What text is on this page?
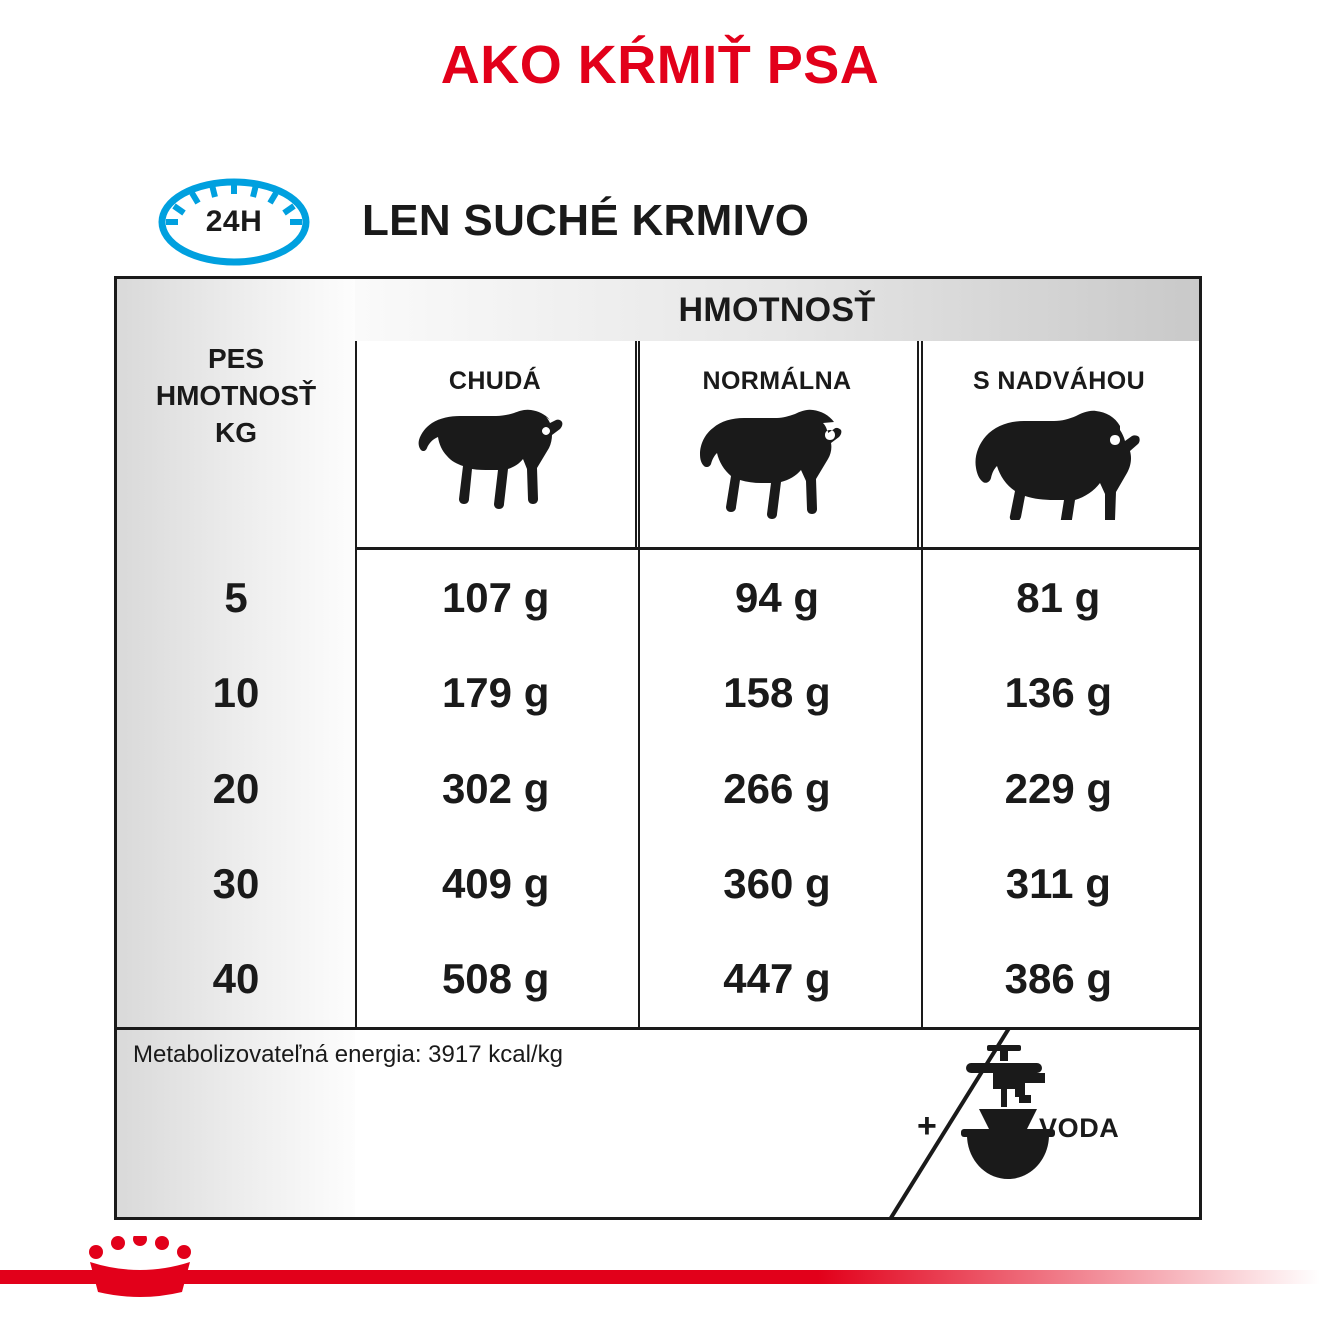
AKO KŔMIŤ PSA
24H	LEN SUCHÉ KRMIVO
HMOTNOSŤ
PES
HMOTNOSŤ
KG
CHUDÁ	NORMÁLNA	S NADVÁHOU
5	107 g	94 g	81 g
10	179 g	158 g	136 g
20	302 g	266 g	229 g
30	409 g	360 g	311 g
40	508 g	447 g	386 g
Metabolizovateľná energia: 3917 kcal/kg
+	VODA
